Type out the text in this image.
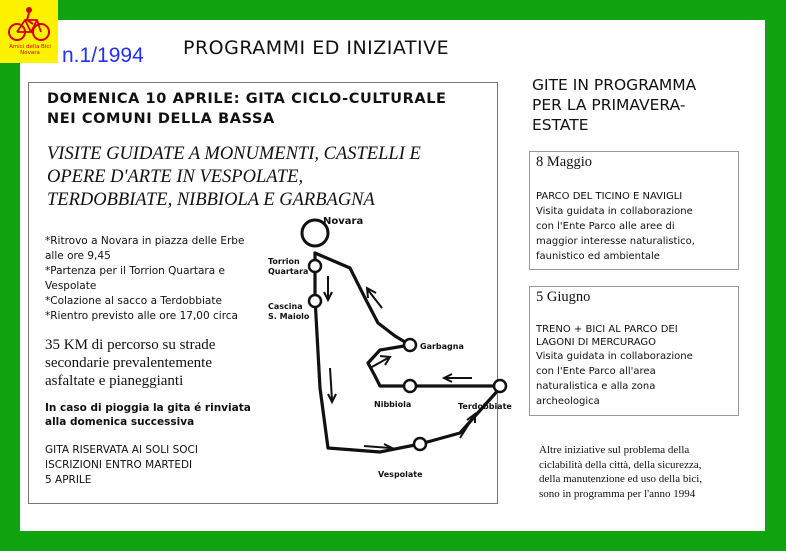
Amici della Bici
Novara	n.1/1994 PROGRAMMI ED INIZIATIVE
DOMENICA 10 APRILE: GITA CICLO-CULTURALE
NEI COMUNI DELLA BASSA
VISITE GUIDATE A MONUMENTI, CASTELLI E
OPERE D'ARTE IN VESPOLATE,
TERDOBBIATE, NIBBIOLA E GARBAGNA
*Ritrovo a Novara in piazza delle Erbe
alle ore 9,45
*Partenza per il Torrion Quartara e
Vespolate
*Colazione al sacco a Terdobbiate
*Rientro previsto alle ore 17,00 circa
35 KM di percorso su strade
secondarie prevalentemente
asfaltate e pianeggianti
In caso di pioggia la gita é rinviata
alla domenica successiva
GITA RISERVATA AI SOLI SOCI
ISCRIZIONI ENTRO MARTEDI
5 APRILE
Novara
Torrion Quartara
Cascina S. Maiolo
Garbagna
Nibbiola	Terdobbiate
Vespolate
GITE IN PROGRAMMA
PER LA PRIMAVERA-
ESTATE
8 Maggio
PARCO DEL TICINO E NAVIGLI
Visita guidata in collaborazione
con l'Ente Parco alle aree di
maggior interesse naturalistico,
faunistico ed ambientale
5 Giugno
TRENO + BICI AL PARCO DEI
LAGONI DI MERCURAGO
Visita guidata in collaborazione
con l'Ente Parco all'area
naturalistica e alla zona
archeologica
Altre iniziative sul problema della
ciclabilità della città, della sicurezza,
della manutenzione ed uso della bici,
sono in programma per l'anno 1994
